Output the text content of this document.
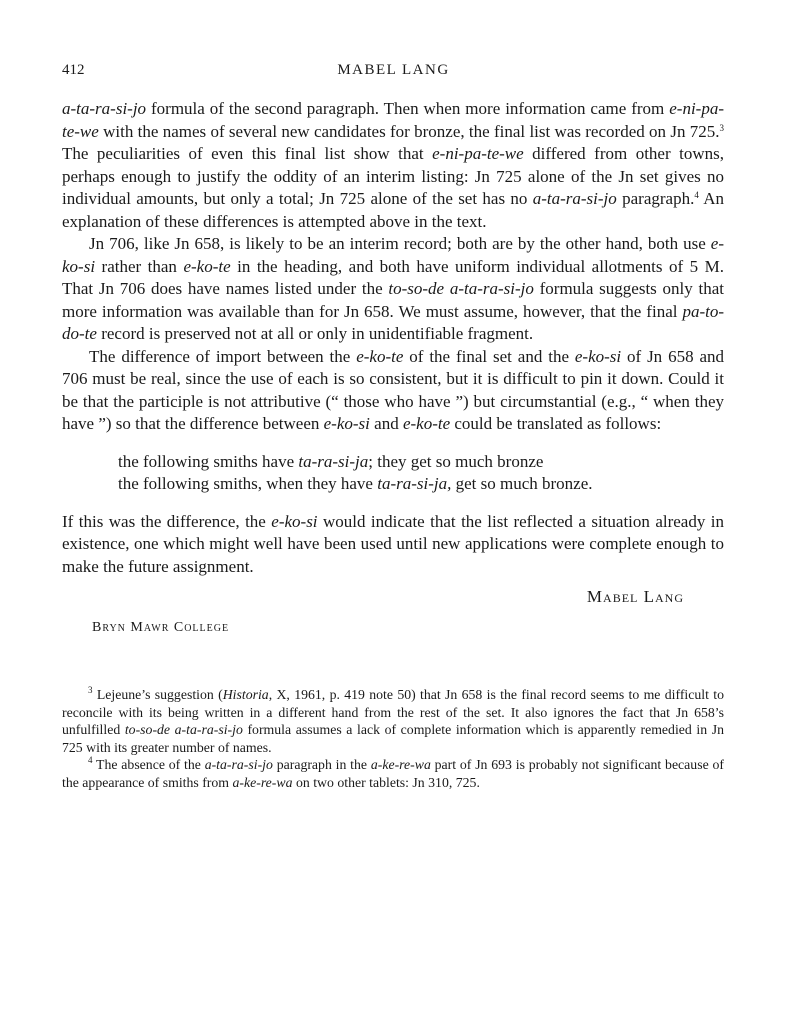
412	MABEL LANG

a-ta-ra-si-jo formula of the second paragraph. Then when more information came from e-ni-pa-te-we with the names of several new candidates for bronze, the final list was recorded on Jn 725.$^3$ The peculiarities of even this final list show that e-ni-pa-te-we differed from other towns, perhaps enough to justify the oddity of an interim listing: Jn 725 alone of the Jn set gives no individual amounts, but only a total; Jn 725 alone of the set has no a-ta-ra-si-jo paragraph.$^4$ An explanation of these differences is attempted above in the text.

Jn 706, like Jn 658, is likely to be an interim record; both are by the other hand, both use e-ko-si rather than e-ko-te in the heading, and both have uniform individual allotments of 5 M. That Jn 706 does have names listed under the to-so-de a-ta-ra-si-jo formula suggests only that more information was available than for Jn 658. We must assume, however, that the final pa-to-do-te record is preserved not at all or only in unidentifiable fragment.

The difference of import between the e-ko-te of the final set and the e-ko-si of Jn 658 and 706 must be real, since the use of each is so consistent, but it is difficult to pin it down. Could it be that the participle is not attributive (“ those who have ”) but circumstantial (e.g., “ when they have ”) so that the difference between e-ko-si and e-ko-te could be translated as follows:

the following smiths have ta-ra-si-ja; they get so much bronze
the following smiths, when they have ta-ra-si-ja, get so much bronze.

If this was the difference, the e-ko-si would indicate that the list reflected a situation already in existence, one which might well have been used until new applications were complete enough to make the future assignment.

Mabel Lang
Bryn Mawr College

$^3$ Lejeune’s suggestion (Historia, X, 1961, p. 419 note 50) that Jn 658 is the final record seems to me difficult to reconcile with its being written in a different hand from the rest of the set. It also ignores the fact that Jn 658’s unfulfilled to-so-de a-ta-ra-si-jo formula assumes a lack of complete information which is apparently remedied in Jn 725 with its greater number of names.

$^4$ The absence of the a-ta-ra-si-jo paragraph in the a-ke-re-wa part of Jn 693 is probably not significant because of the appearance of smiths from a-ke-re-wa on two other tablets: Jn 310, 725.
